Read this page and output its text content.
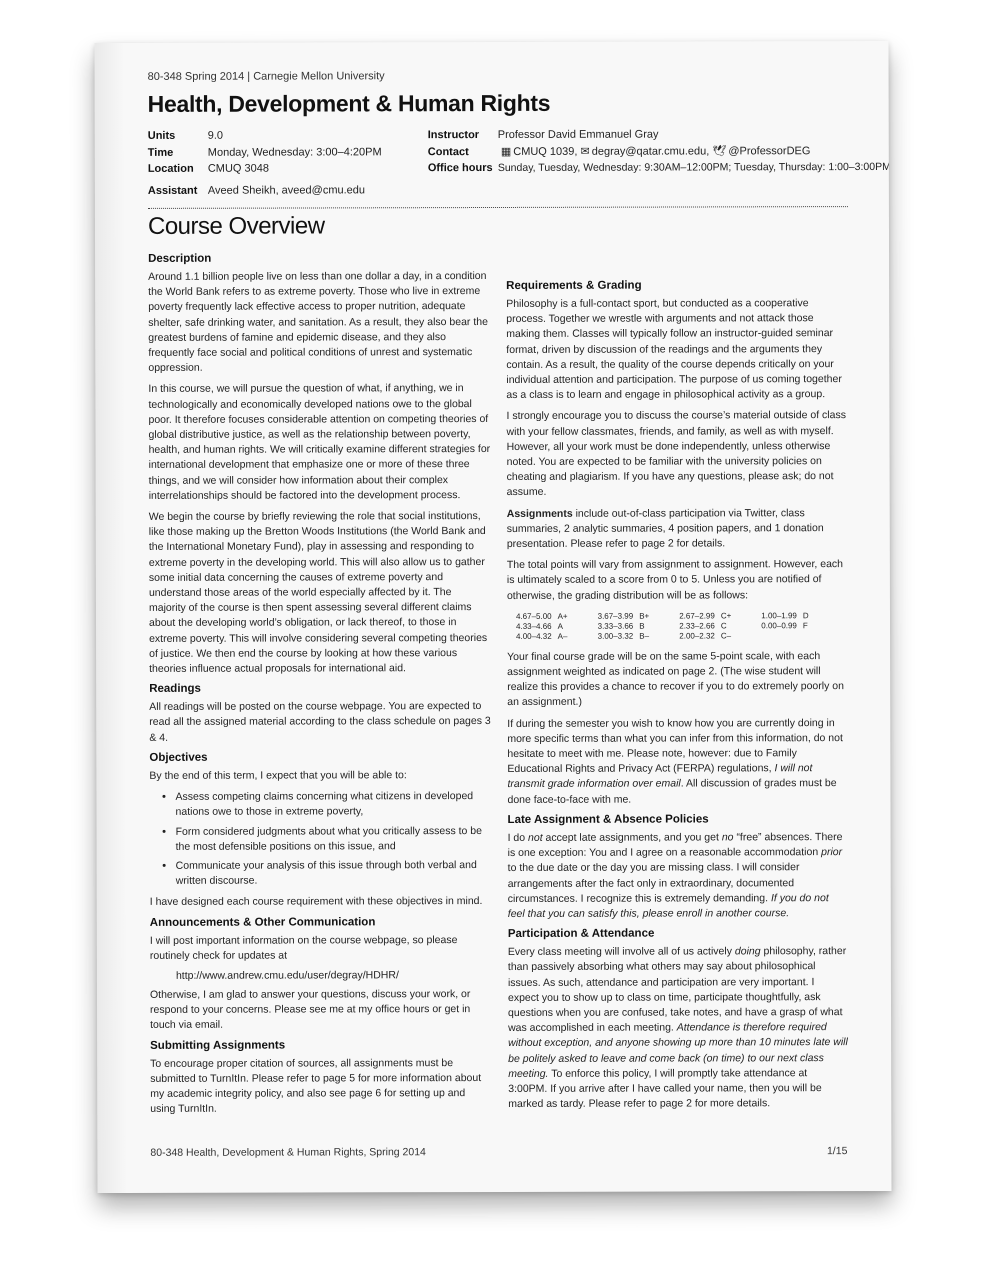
80-348 Spring 2014 | Carnegie Mellon University
Health, Development & Human Rights
Units	9.0
Time	Monday, Wednesday: 3:00–4:20PM
Location CMUQ 3048
Assistant Aveed Sheikh, aveed@cmu.edu
Instructor Professor David Emmanuel Gray
Contact	▦ CMUQ 1039, ✉ degray@qatar.cmu.edu, 🕊 @ProfessorDEG
Office hours Sunday, Tuesday, Wednesday: 9:30AM–12:00PM; Tuesday, Thursday: 1:00–3:00PM
Course Overview
Description

Around 1.1 billion people live on less than one dollar a day, in a condition the World Bank refers to as extreme poverty. Those who live in extreme poverty frequently lack effective access to proper nutrition, adequate shelter, safe drinking water, and sanitation. As a result, they also bear the greatest burdens of famine and epidemic disease, and they also frequently face social and political conditions of unrest and systematic oppression.

In this course, we will pursue the question of what, if anything, we in technologically and economically developed nations owe to the global poor. It therefore focuses considerable attention on competing theories of global distributive justice, as well as the relationship between poverty, health, and human rights. We will critically examine different strategies for international development that emphasize one or more of these three things, and we will consider how information about their complex interrelationships should be factored into the development process.

We begin the course by briefly reviewing the role that social institutions, like those making up the Bretton Woods Institutions (the World Bank and the International Monetary Fund), play in assessing and responding to extreme poverty in the developing world. This will also allow us to gather some initial data concerning the causes of extreme poverty and understand those areas of the world especially affected by it. The majority of the course is then spent assessing several different claims about the developing world’s obligation, or lack thereof, to those in extreme poverty. This will involve considering several competing theories of justice. We then end the course by looking at how these various theories influence actual proposals for international aid.

Readings

All readings will be posted on the course webpage. You are expected to read all the assigned material according to the class schedule on pages 3 & 4.

Objectives

By the end of this term, I expect that you will be able to:

• Assess competing claims concerning what citizens in developed nations owe to those in extreme poverty,
• Form considered judgments about what you critically assess to be the most defensible positions on this issue, and
• Communicate your analysis of this issue through both verbal and written discourse.

I have designed each course requirement with these objectives in mind.

Announcements & Other Communication

I will post important information on the course webpage, so please routinely check for updates at

http://www.andrew.cmu.edu/user/degray/HDHR/

Otherwise, I am glad to answer your questions, discuss your work, or respond to your concerns. Please see me at my office hours or get in touch via email.

Submitting Assignments

To encourage proper citation of sources, all assignments must be submitted to TurnItIn. Please refer to page 5 for more information about my academic integrity policy, and also see page 6 for setting up and using TurnItIn.

Requirements & Grading

Philosophy is a full-contact sport, but conducted as a cooperative process. Together we wrestle with arguments and not attack those making them. Classes will typically follow an instructor-guided seminar format, driven by discussion of the readings and the arguments they contain. As a result, the quality of the course depends critically on your individual attention and participation. The purpose of us coming together as a class is to learn and engage in philosophical activity as a group.

I strongly encourage you to discuss the course’s material outside of class with your fellow classmates, friends, and family, as well as with myself. However, all your work must be done independently, unless otherwise noted. You are expected to be familiar with the university policies on cheating and plagiarism. If you have any questions, please ask; do not assume.

Assignments include out-of-class participation via Twitter, class summaries, 2 analytic summaries, 4 position papers, and 1 donation presentation. Please refer to page 2 for details.

The total points will vary from assignment to assignment. However, each is ultimately scaled to a score from 0 to 5. Unless you are notified of otherwise, the grading distribution will be as follows:

4.67–5.00	A+		3.67–3.99	B+		2.67–2.99	C+		1.00–1.99	D
4.33–4.66	A		3.33–3.66	B		2.33–2.66	C		0.00–0.99	F
4.00–4.32	A–		3.00–3.32	B–		2.00–2.32	C–			

Your final course grade will be on the same 5-point scale, with each assignment weighted as indicated on page 2. (The wise student will realize this provides a chance to recover if you to do extremely poorly on an assignment.)

If during the semester you wish to know how you are currently doing in more specific terms than what you can infer from this information, do not hesitate to meet with me. Please note, however: due to Family Educational Rights and Privacy Act (FERPA) regulations, I will not transmit grade information over email. All discussion of grades must be done face-to-face with me.

Late Assignment & Absence Policies

I do not accept late assignments, and you get no “free” absences. There is one exception: You and I agree on a reasonable accommodation prior to the due date or the day you are missing class. I will consider arrangements after the fact only in extraordinary, documented circumstances. I recognize this is extremely demanding. If you do not feel that you can satisfy this, please enroll in another course.

Participation & Attendance

Every class meeting will involve all of us actively doing philosophy, rather than passively absorbing what others may say about philosophical issues. As such, attendance and participation are very important. I expect you to show up to class on time, participate thoughtfully, ask questions when you are confused, take notes, and have a grasp of what was accomplished in each meeting. Attendance is therefore required without exception, and anyone showing up more than 10 minutes late will be politely asked to leave and come back (on time) to our next class meeting. To enforce this policy, I will promptly take attendance at 3:00PM. If you arrive after I have called your name, then you will be marked as tardy. Please refer to page 2 for more details.

80-348 Health, Development & Human Rights, Spring 2014	1/15
